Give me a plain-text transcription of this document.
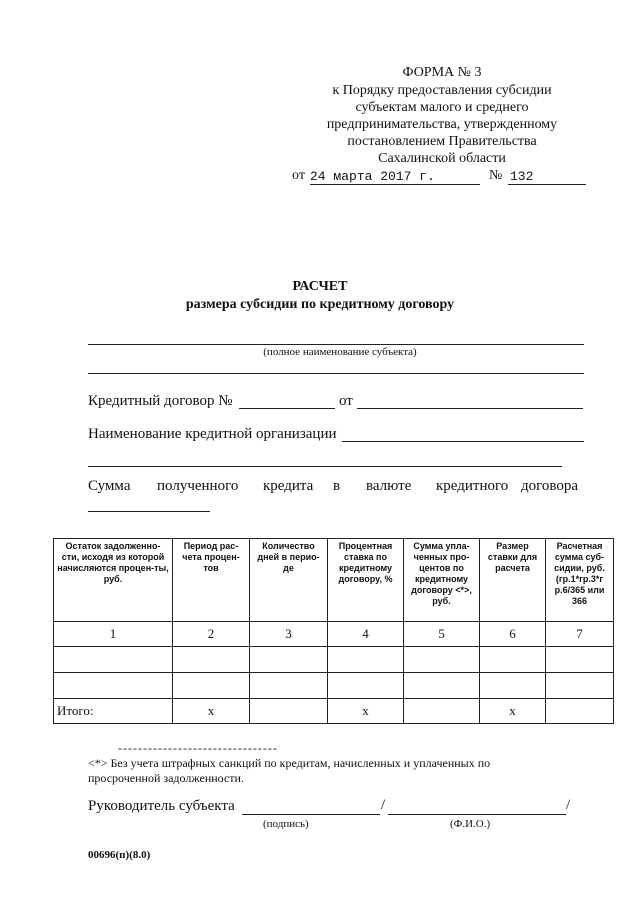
ФОРМА № 3
к Порядку предоставления субсидии
субъектам малого и среднего
предпринимательства, утвержденному
постановлением Правительства
Сахалинской области
от 24 марта 2017 г.	№ 132
РАСЧЕТ
размера субсидии по кредитному договору
(полное наименование субъекта)
Кредитный договор №	от
Наименование кредитной организации
Сумма полученного кредита в валюте кредитного договора
Остаток задолженно-сти, исходя из которой начисляются процен-ты, руб.	Период рас-чета процен-тов	Количество дней в перио-де	Процентная ставка по кредитному договору, %	Сумма упла-ченных про-центов по кредитному договору <*>, руб.	Размер ставки для расчета	Расчетная сумма суб-сидии, руб. (гр.1*гр.3*г р.6/365 или 366
1	2	3	4	5	6	7

Итого:	х		х		х	
--------------------------------
<*> Без учета штрафных санкций по кредитам, начисленных и уплаченных по просроченной задолженности.
Руководитель субъекта	/	/
(подпись)	(Ф.И.О.)
00696(п)(8.0)
